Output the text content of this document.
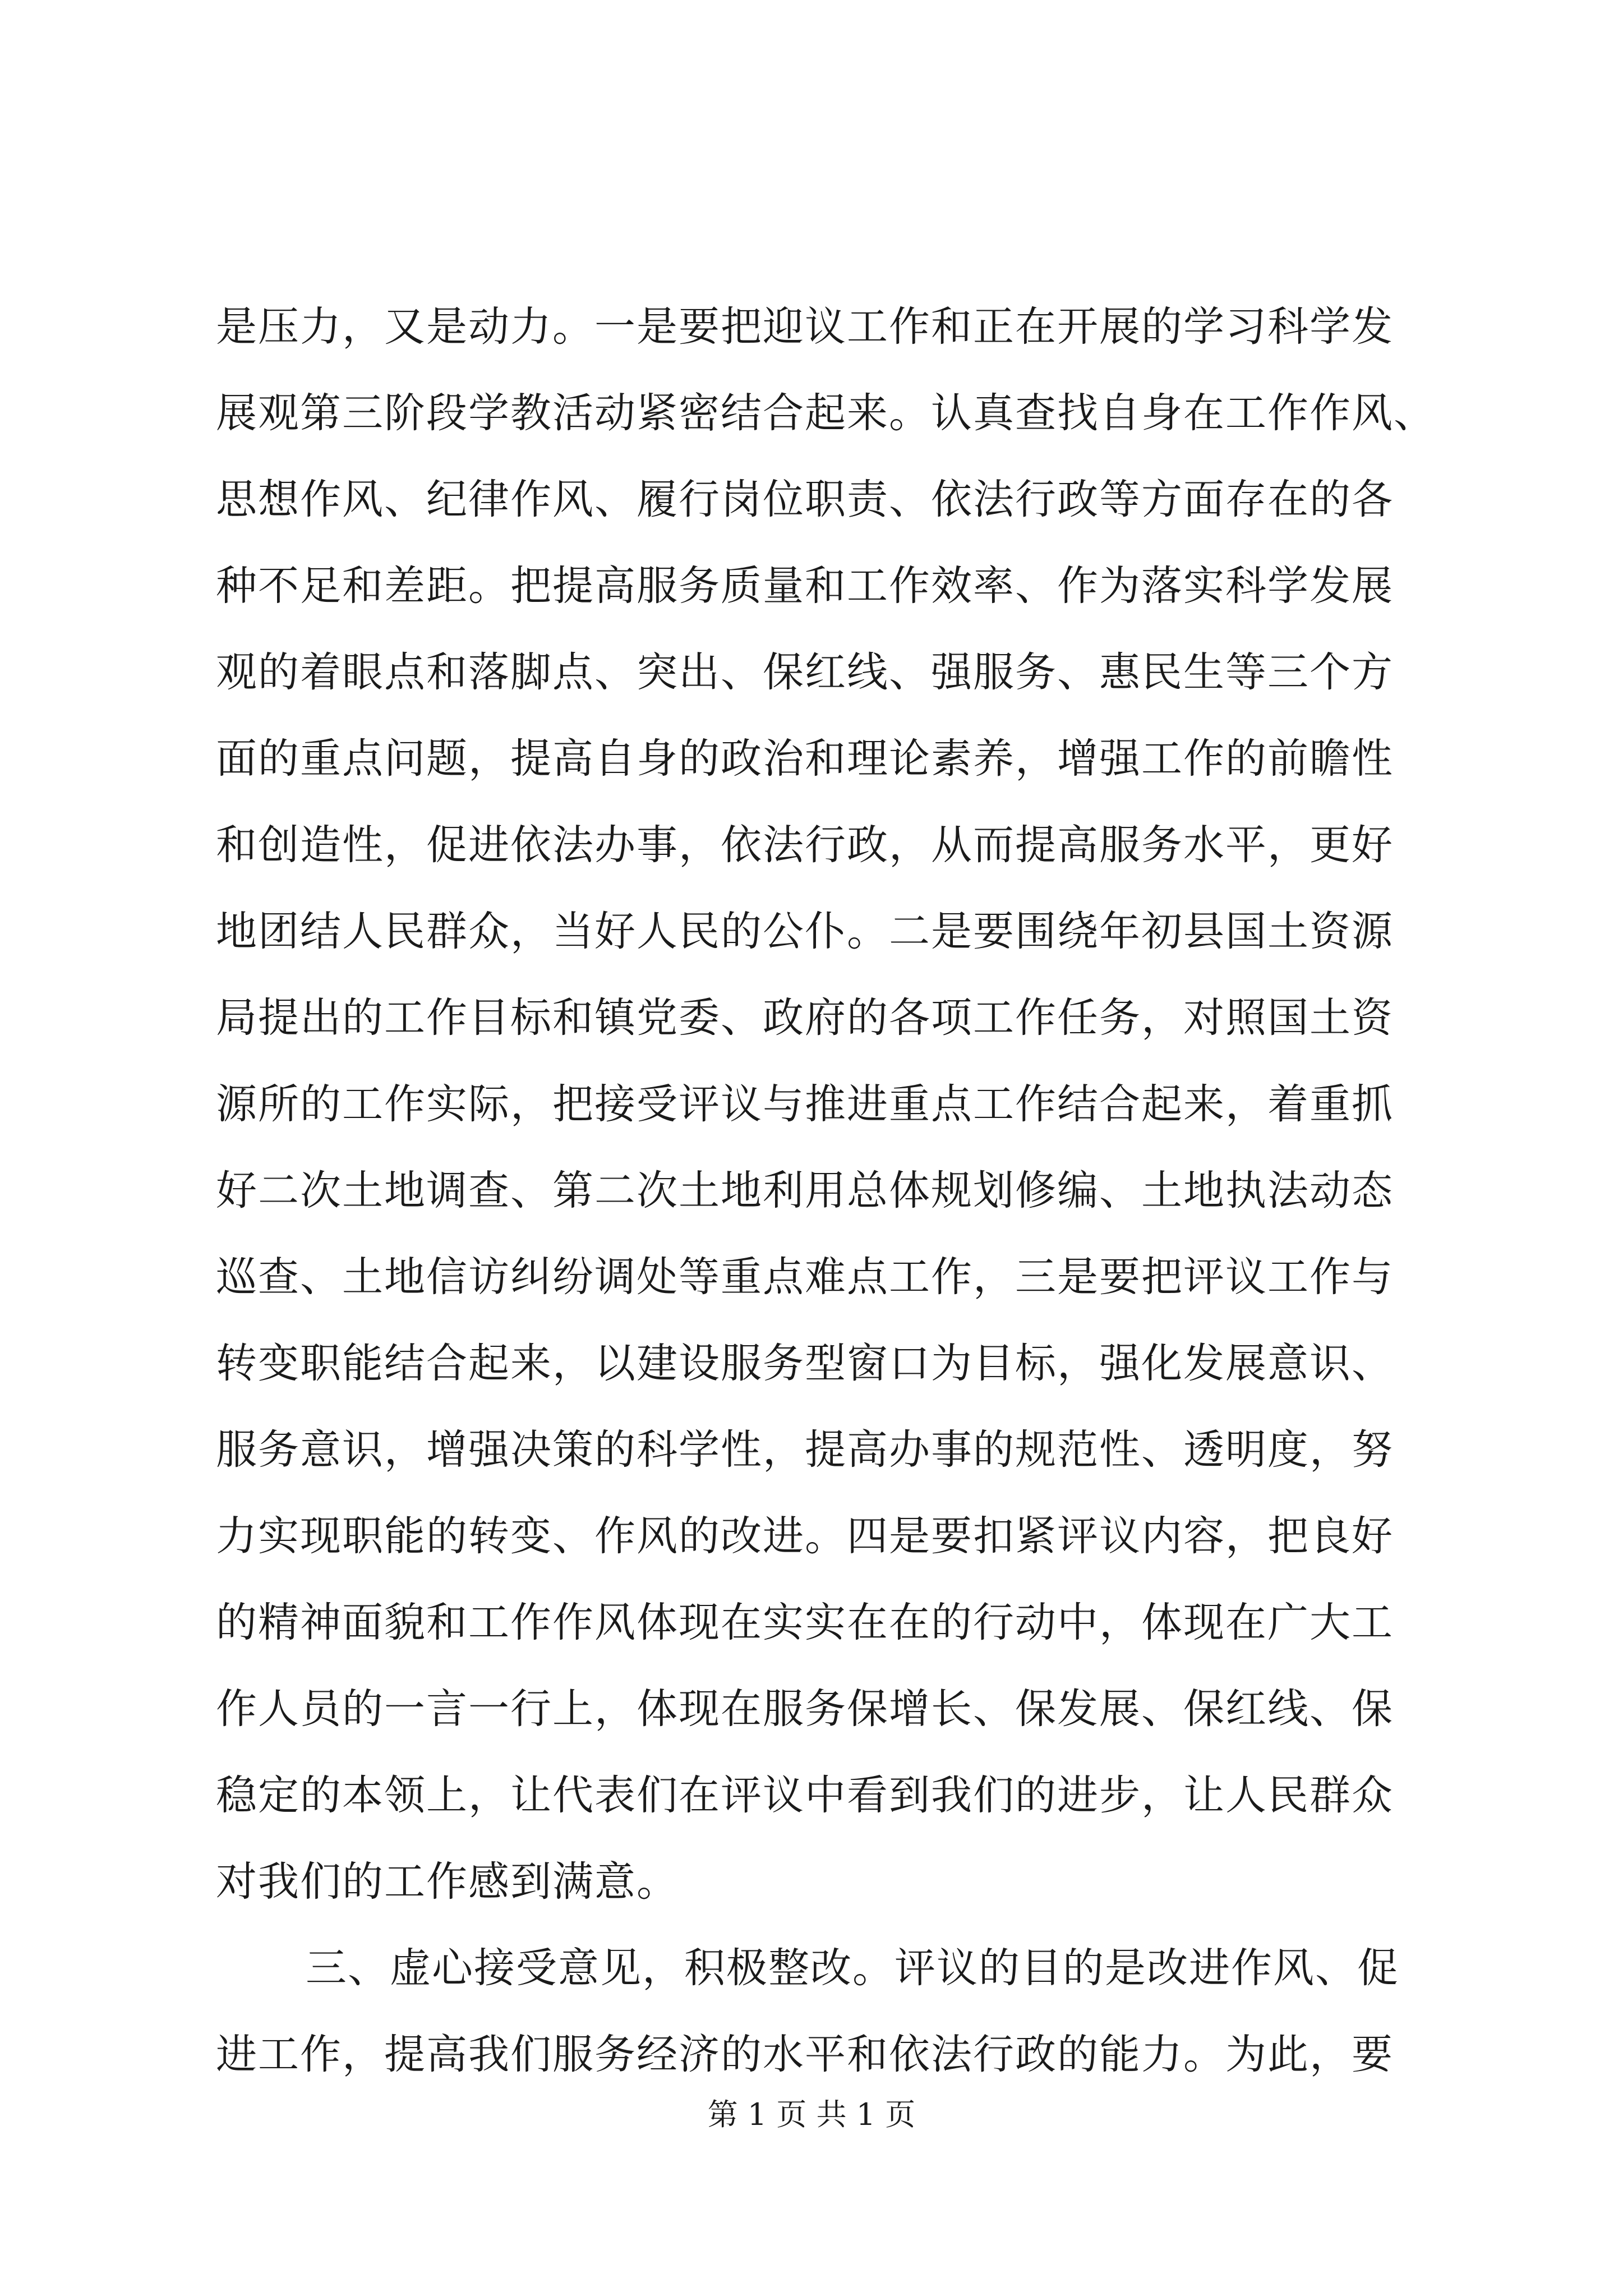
是压力，又是动力。一是要把迎议工作和正在开展的学习科学发
展观第三阶段学教活动紧密结合起来。认真查找自身在工作作风、
思想作风、纪律作风、履行岗位职责、依法行政等方面存在的各
种不足和差距。把提高服务质量和工作效率、作为落实科学发展
观的着眼点和落脚点、突出、保红线、强服务、惠民生等三个方
面的重点问题，提高自身的政治和理论素养，增强工作的前瞻性
和创造性，促进依法办事，依法行政，从而提高服务水平，更好
地团结人民群众，当好人民的公仆。二是要围绕年初县国土资源
局提出的工作目标和镇党委、政府的各项工作任务，对照国土资
源所的工作实际，把接受评议与推进重点工作结合起来，着重抓
好二次土地调查、第二次土地利用总体规划修编、土地执法动态
巡查、土地信访纠纷调处等重点难点工作，三是要把评议工作与
转变职能结合起来，以建设服务型窗口为目标，强化发展意识、
服务意识，增强决策的科学性，提高办事的规范性、透明度，努
力实现职能的转变、作风的改进。四是要扣紧评议内容，把良好
的精神面貌和工作作风体现在实实在在的行动中，体现在广大工
作人员的一言一行上，体现在服务保增长、保发展、保红线、保
稳定的本领上，让代表们在评议中看到我们的进步，让人民群众
对我们的工作感到满意。
三、虚心接受意见，积极整改。评议的目的是改进作风、促
进工作，提高我们服务经济的水平和依法行政的能力。为此，要
第 1 页 共 1 页
